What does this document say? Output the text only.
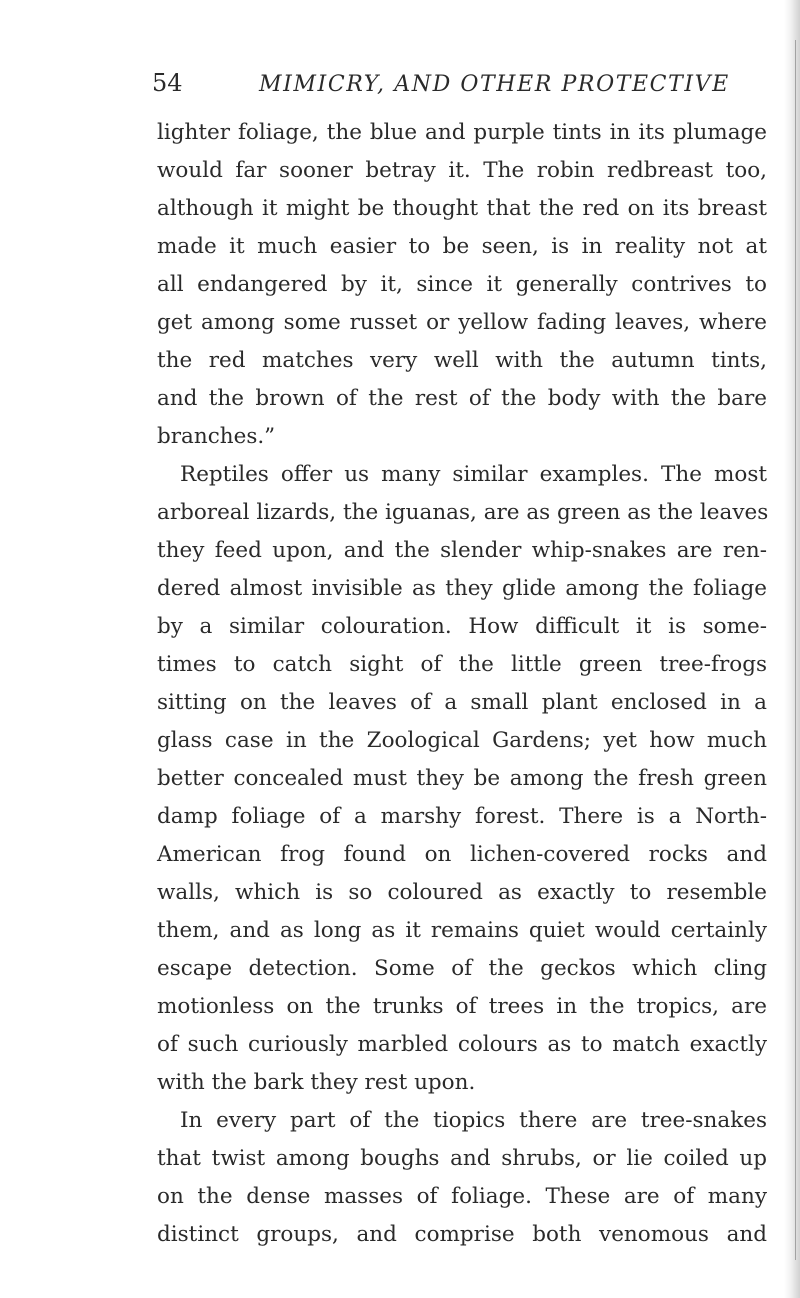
54	MIMICRY, AND OTHER PROTECTIVE
lighter foliage, the blue and purple tints in its plumage
would far sooner betray it. The robin redbreast too,
although it might be thought that the red on its breast
made it much easier to be seen, is in reality not at
all endangered by it, since it generally contrives to
get among some russet or yellow fading leaves, where
the red matches very well with the autumn tints,
and the brown of the rest of the body with the bare
branches.”
Reptiles offer us many similar examples. The most
arboreal lizards, the iguanas, are as green as the leaves
they feed upon, and the slender whip-snakes are ren-
dered almost invisible as they glide among the foliage
by a similar colouration. How difficult it is some-
times to catch sight of the little green tree-frogs
sitting on the leaves of a small plant enclosed in a
glass case in the Zoological Gardens; yet how much
better concealed must they be among the fresh green
damp foliage of a marshy forest. There is a North-
American frog found on lichen-covered rocks and
walls, which is so coloured as exactly to resemble
them, and as long as it remains quiet would certainly
escape detection. Some of the geckos which cling
motionless on the trunks of trees in the tropics, are
of such curiously marbled colours as to match exactly
with the bark they rest upon.
In every part of the tiopics there are tree-snakes
that twist among boughs and shrubs, or lie coiled up
on the dense masses of foliage. These are of many
distinct groups, and comprise both venomous and
